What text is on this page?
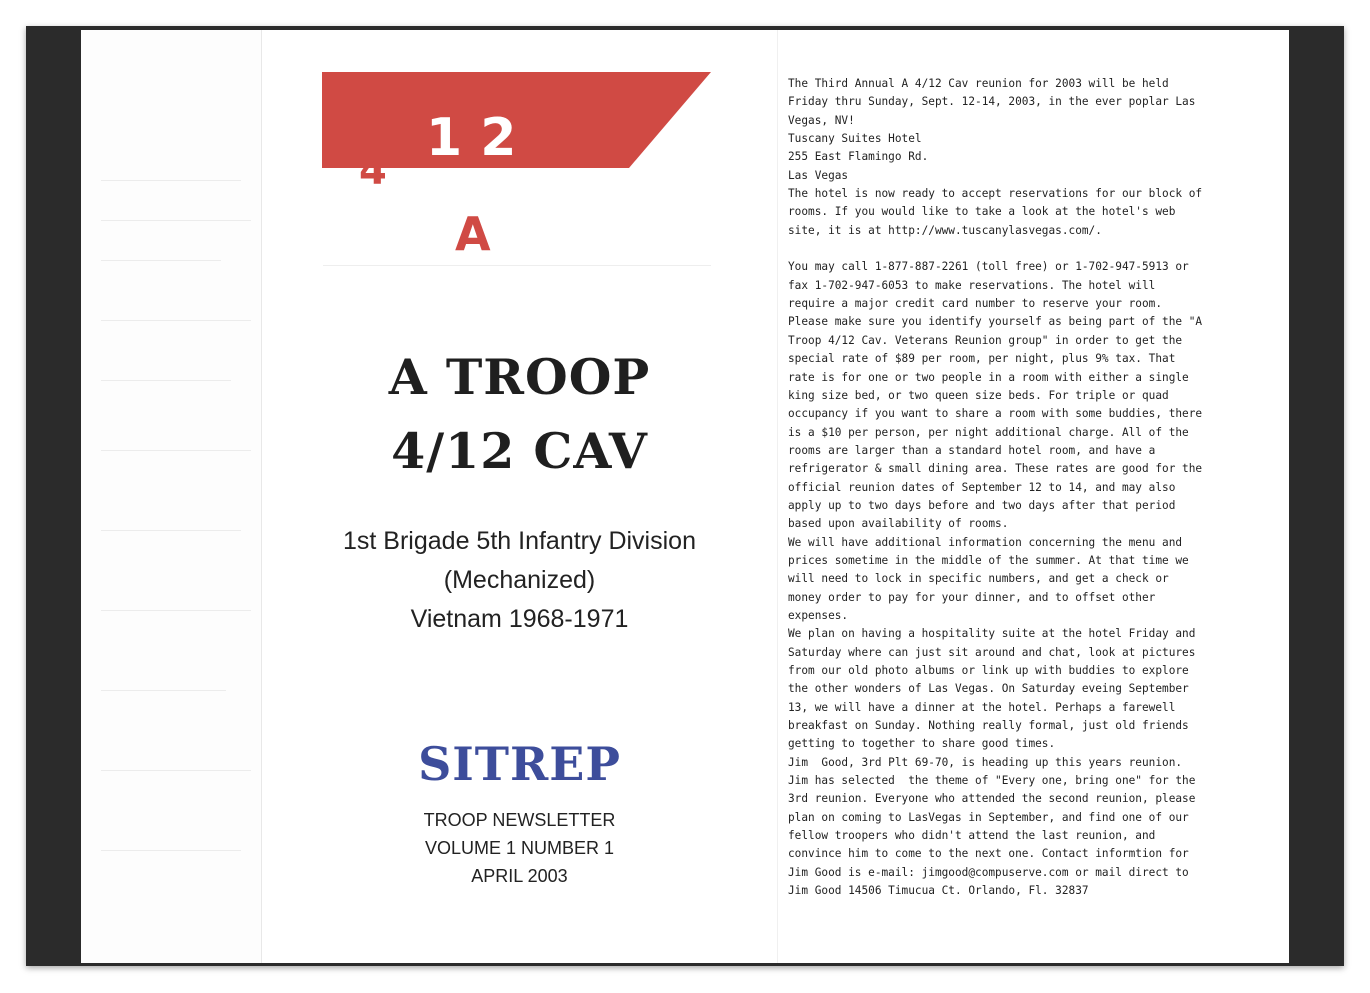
1 2
4
A
A TROOP
4/12 CAV
1st Brigade 5th Infantry Division
(Mechanized)
Vietnam 1968-1971
SITREP
TROOP NEWSLETTER
VOLUME 1 NUMBER 1
APRIL 2003

The Third Annual A 4/12 Cav reunion for 2003 will be held

Friday thru Sunday, Sept. 12-14, 2003, in the ever poplar Las

Vegas, NV!

Tuscany Suites Hotel

255 East Flamingo Rd.

Las Vegas

The hotel is now ready to accept reservations for our block of

rooms. If you would like to take a look at the hotel's web

site, it is at http://www.tuscanylasvegas.com/.

You may call 1-877-887-2261 (toll free) or 1-702-947-5913 or

fax 1-702-947-6053 to make reservations. The hotel will

require a major credit card number to reserve your room.

Please make sure you identify yourself as being part of the "A

Troop 4/12 Cav. Veterans Reunion group" in order to get the

special rate of $89 per room, per night, plus 9% tax. That

rate is for one or two people in a room with either a single

king size bed, or two queen size beds. For triple or quad

occupancy if you want to share a room with some buddies, there

is a $10 per person, per night additional charge. All of the

rooms are larger than a standard hotel room, and have a

refrigerator & small dining area. These rates are good for the

official reunion dates of September 12 to 14, and may also

apply up to two days before and two days after that period

based upon availability of rooms.

We will have additional information concerning the menu and

prices sometime in the middle of the summer. At that time we

will need to lock in specific numbers, and get a check or

money order to pay for your dinner, and to offset other

expenses.

We plan on having a hospitality suite at the hotel Friday and

Saturday where can just sit around and chat, look at pictures

from our old photo albums or link up with buddies to explore

the other wonders of Las Vegas. On Saturday eveing September

13, we will have a dinner at the hotel. Perhaps a farewell

breakfast on Sunday. Nothing really formal, just old friends

getting to together to share good times.

Jim  Good, 3rd Plt 69-70, is heading up this years reunion.

Jim has selected  the theme of "Every one, bring one" for the

3rd reunion. Everyone who attended the second reunion, please

plan on coming to LasVegas in September, and find one of our

fellow troopers who didn't attend the last reunion, and

convince him to come to the next one. Contact informtion for

Jim Good is e-mail: jimgood@compuserve.com or mail direct to

Jim Good 14506 Timucua Ct. Orlando, Fl. 32837
